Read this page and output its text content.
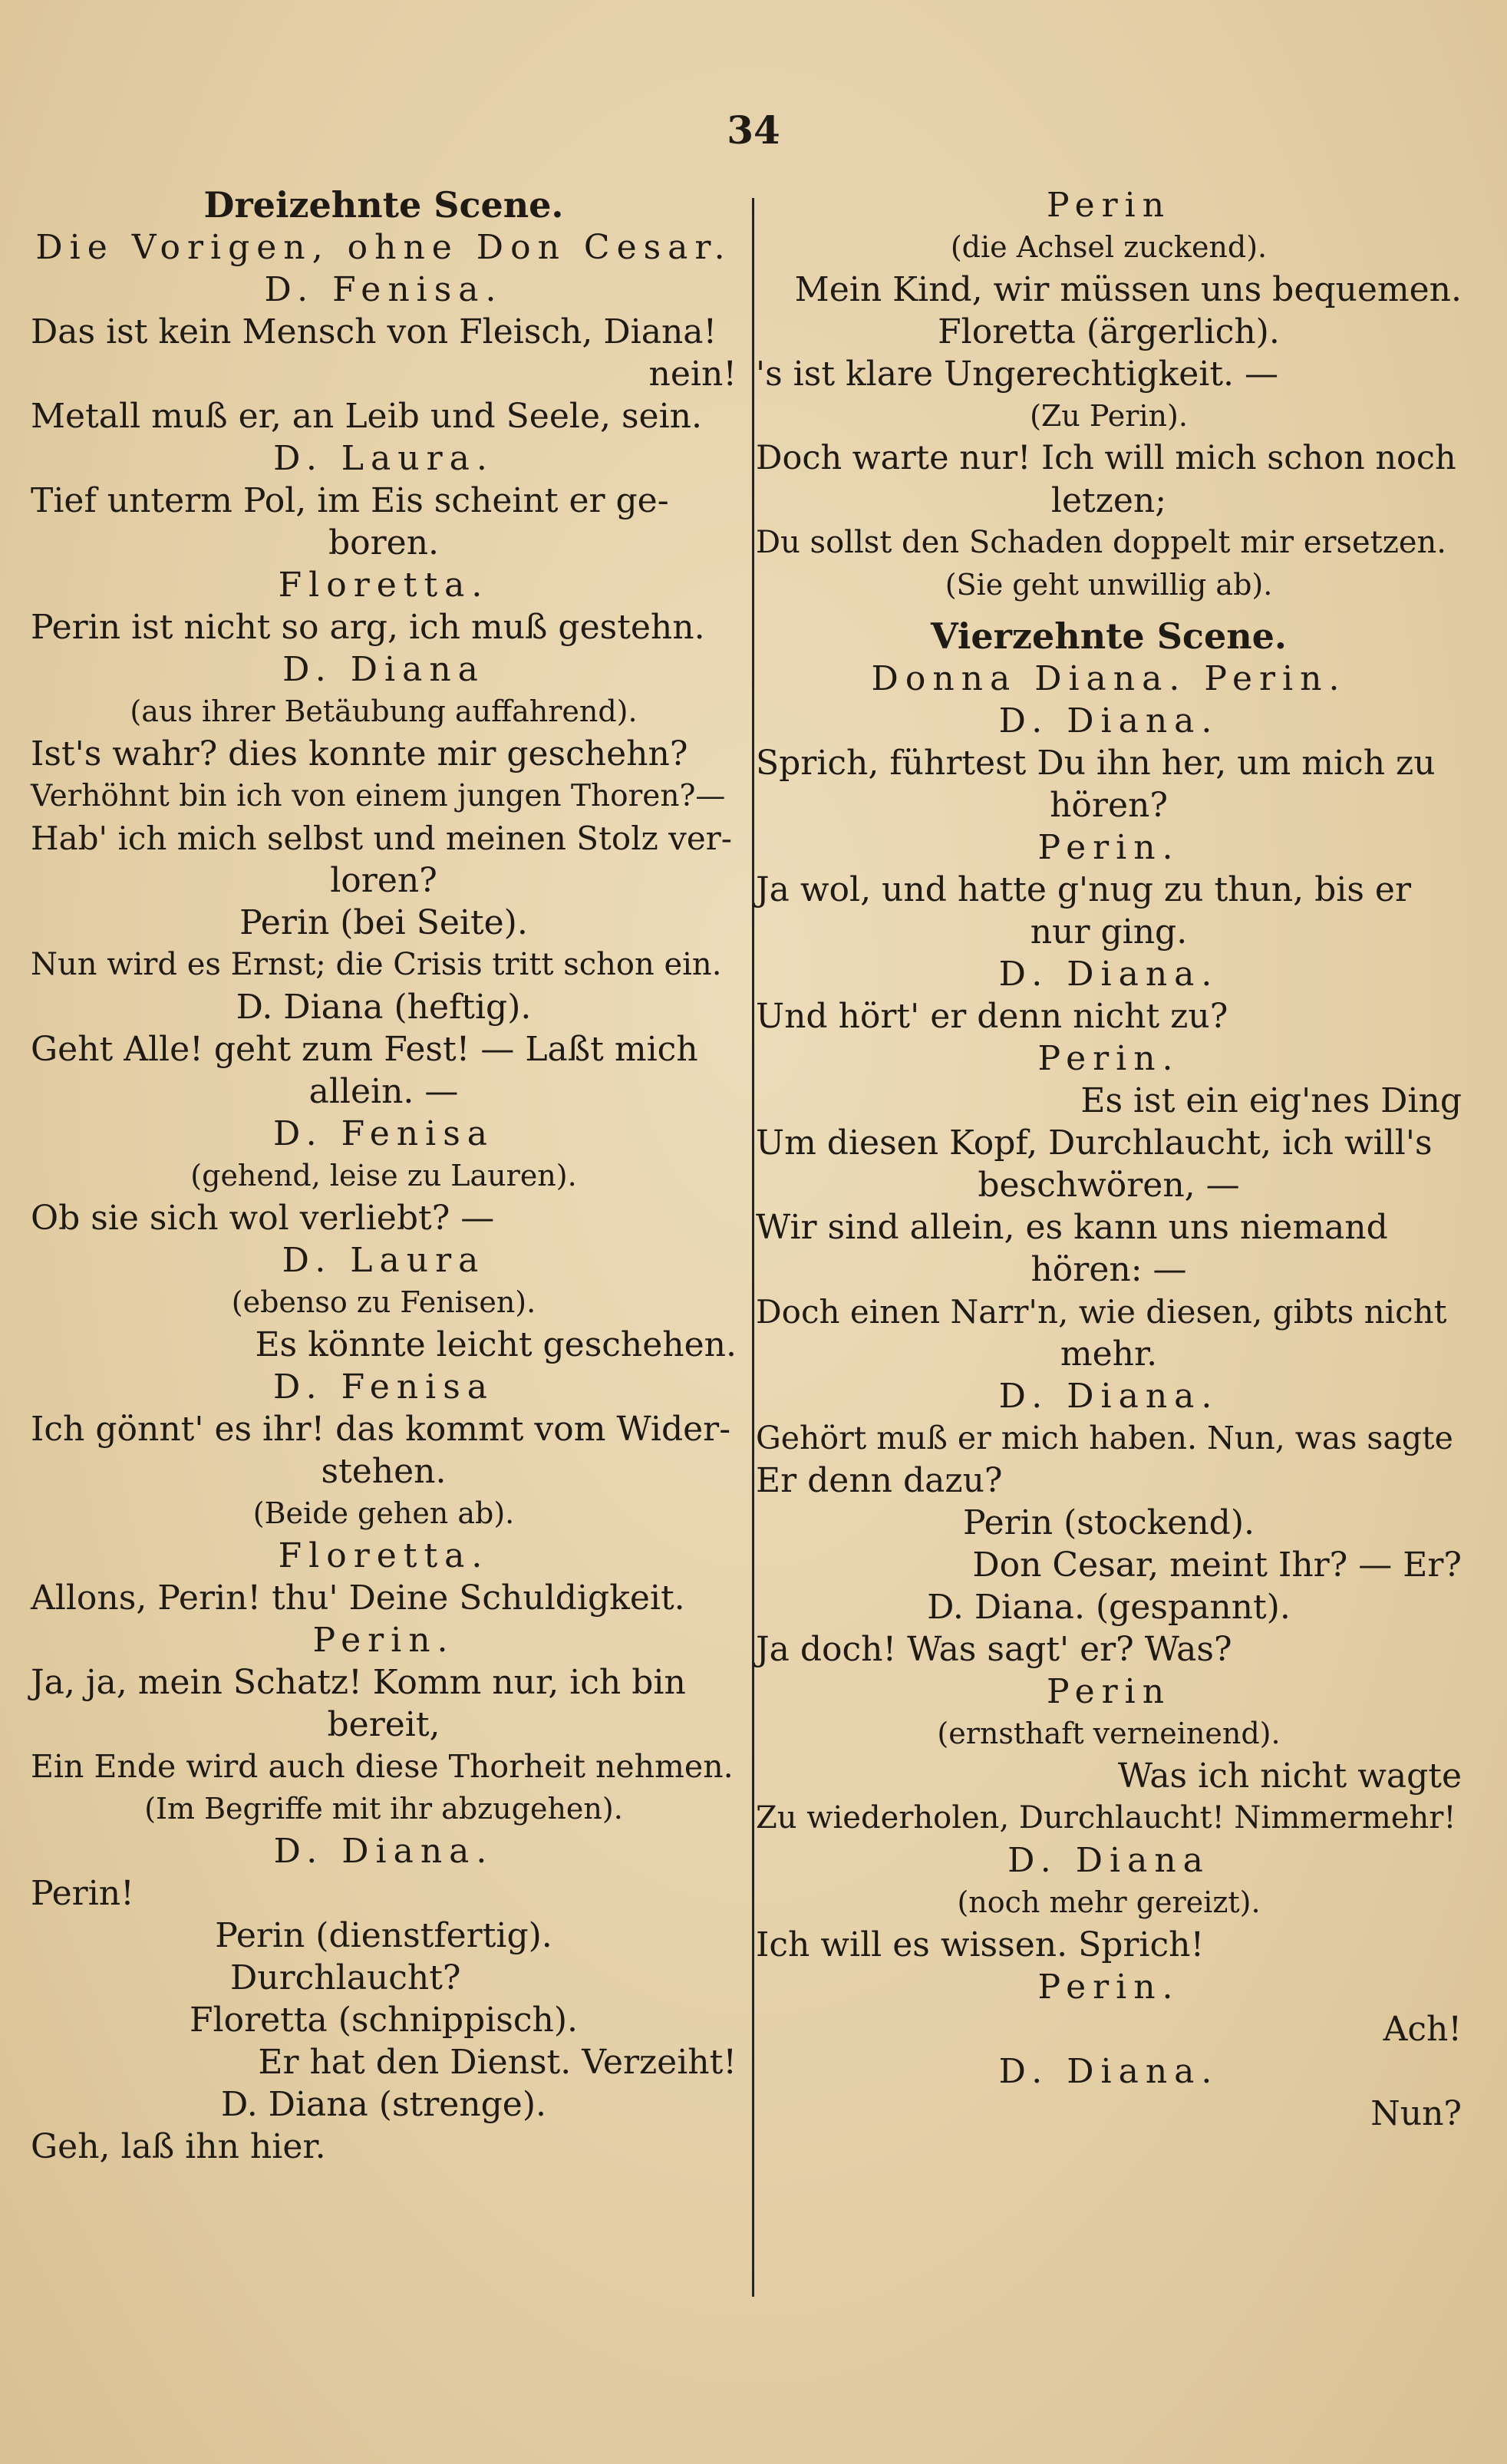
34
Dreizehnte Scene.
Die Vorigen, ohne Don Cesar.
D. Fenisa.
Das ist kein Mensch von Fleisch, Diana!
nein!
Metall muß er, an Leib und Seele, sein.
D. Laura.
Tief unterm Pol, im Eis scheint er ge-
boren.
Floretta.
Perin ist nicht so arg, ich muß gestehn.
D. Diana
(aus ihrer Betäubung auffahrend).
Ist's wahr? dies konnte mir geschehn?
Verhöhnt bin ich von einem jungen Thoren?—
Hab' ich mich selbst und meinen Stolz ver-
loren?
Perin (bei Seite).
Nun wird es Ernst; die Crisis tritt schon ein.
D. Diana (heftig).
Geht Alle! geht zum Fest! — Laßt mich
allein. —
D. Fenisa
(gehend, leise zu Lauren).
Ob sie sich wol verliebt? —
D. Laura
(ebenso zu Fenisen).
Es könnte leicht geschehen.
D. Fenisa
Ich gönnt' es ihr! das kommt vom Wider-
stehen.
(Beide gehen ab).
Floretta.
Allons, Perin! thu' Deine Schuldigkeit.
Perin.
Ja, ja, mein Schatz! Komm nur, ich bin
bereit,
Ein Ende wird auch diese Thorheit nehmen.
(Im Begriffe mit ihr abzugehen).
D. Diana.
Perin!
Perin (dienstfertig).
Durchlaucht?
Floretta (schnippisch).
Er hat den Dienst. Verzeiht!
D. Diana (strenge).
Geh, laß ihn hier.
Perin
(die Achsel zuckend).
Mein Kind, wir müssen uns bequemen.
Floretta (ärgerlich).
's ist klare Ungerechtigkeit. —
(Zu Perin).
Doch warte nur! Ich will mich schon noch
letzen;
Du sollst den Schaden doppelt mir ersetzen.
(Sie geht unwillig ab).
Vierzehnte Scene.
Donna Diana. Perin.
D. Diana.
Sprich, führtest Du ihn her, um mich zu
hören?
Perin.
Ja wol, und hatte g'nug zu thun, bis er
nur ging.
D. Diana.
Und hört' er denn nicht zu?
Perin.
Es ist ein eig'nes Ding
Um diesen Kopf, Durchlaucht, ich will's
beschwören, —
Wir sind allein, es kann uns niemand
hören: —
Doch einen Narr'n, wie diesen, gibts nicht
mehr.
D. Diana.
Gehört muß er mich haben. Nun, was sagte
Er denn dazu?
Perin (stockend).
Don Cesar, meint Ihr? — Er?
D. Diana. (gespannt).
Ja doch! Was sagt' er? Was?
Perin
(ernsthaft verneinend).
Was ich nicht wagte
Zu wiederholen, Durchlaucht! Nimmermehr!
D. Diana
(noch mehr gereizt).
Ich will es wissen. Sprich!
Perin.
Ach!
D. Diana.
Nun?
